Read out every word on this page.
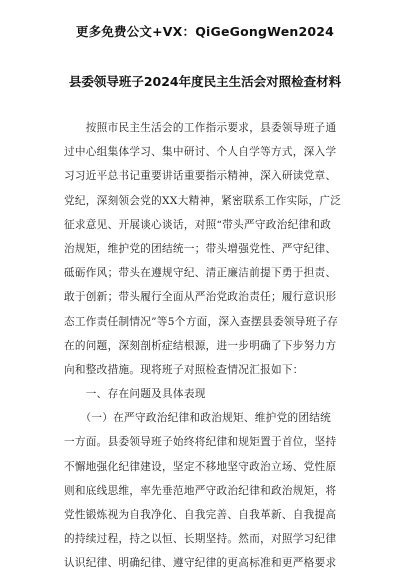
更多免费公文+VX：QiGeGongWen2024
县委领导班子2024年度民主生活会对照检查材料
　　按照市民主生活会的工作指示要求，县委领导班子通
过中心组集体学习、集中研讨、个人自学等方式，深入学
习习近平总书记重要讲话重要指示精神，深入研读党章、
党纪，深刻领会党的XX大精神，紧密联系工作实际，广泛
征求意见、开展谈心谈话，对照“带头严守政治纪律和政
治规矩，维护党的团结统一；带头增强党性、严守纪律、
砥砺作风；带头在遵规守纪、清正廉洁前提下勇于担责、
敢于创新；带头履行全面从严治党政治责任；履行意识形
态工作责任制情况”等5个方面，深入查摆县委领导班子存
在的问题，深刻剖析症结根源，进一步明确了下步努力方
向和整改措施。现将班子对照检查情况汇报如下：
　　一、存在问题及具体表现
　　（一）在严守政治纪律和政治规矩、维护党的团结统
一方面。县委领导班子始终将纪律和规矩置于首位，坚持
不懈地强化纪律建设，坚定不移地坚守政治立场、党性原
则和底线思维，率先垂范地严守政治纪律和政治规矩，将
党性锻炼视为自我净化、自我完善、自我革新、自我提高
的持续过程，持之以恒、长期坚持。然而，对照学习纪律
认识纪律、明确纪律、遵守纪律的更高标准和更严格要求
